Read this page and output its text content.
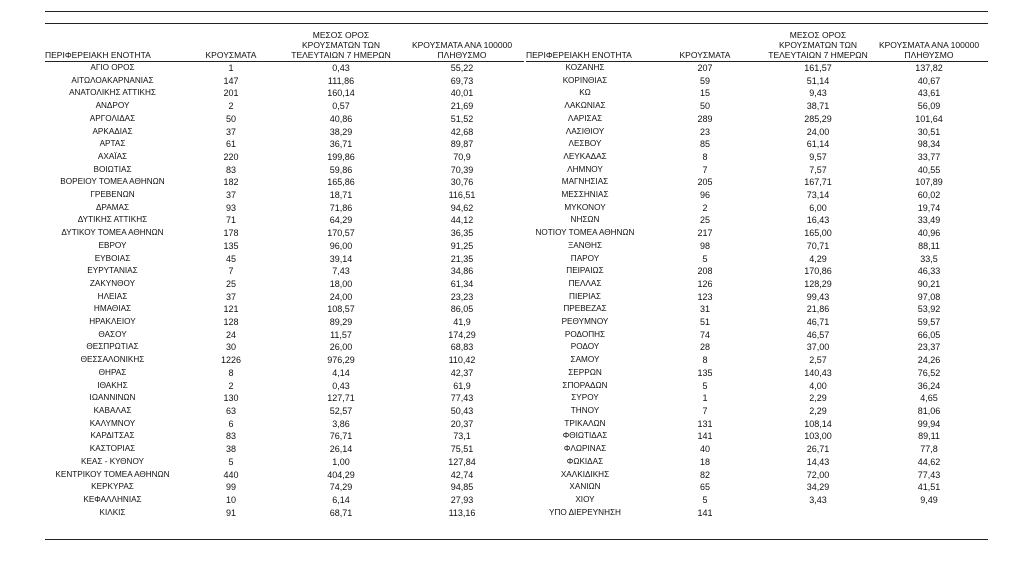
ΠΕΡΙΦΕΡΕΙΑΚΗ ΕΝΟΤΗΤΑ	ΚΡΟΥΣΜΑΤΑ	ΜΕΣΟΣ ΟΡΟΣ
ΚΡΟΥΣΜΑΤΩΝ ΤΩΝ
ΤΕΛΕΥΤΑΙΩΝ 7 ΗΜΕΡΩΝ	ΚΡΟΥΣΜΑΤΑ ΑΝΑ 100000
ΠΛΗΘΥΣΜΟ
ΑΓΙΟ ΟΡΟΣ	1	0,43	55,22
ΑΙΤΩΛΟΑΚΑΡΝΑΝΙΑΣ	147	111,86	69,73
ΑΝΑΤΟΛΙΚΗΣ ΑΤΤΙΚΗΣ	201	160,14	40,01
ΑΝΔΡΟΥ	2	0,57	21,69
ΑΡΓΟΛΙΔΑΣ	50	40,86	51,52
ΑΡΚΑΔΙΑΣ	37	38,29	42,68
ΑΡΤΑΣ	61	36,71	89,87
ΑΧΑΪΑΣ	220	199,86	70,9
ΒΟΙΩΤΙΑΣ	83	59,86	70,39
ΒΟΡΕΙΟΥ ΤΟΜΕΑ ΑΘΗΝΩΝ	182	165,86	30,76
ΓΡΕΒΕΝΩΝ	37	18,71	116,51
ΔΡΑΜΑΣ	93	71,86	94,62
ΔΥΤΙΚΗΣ ΑΤΤΙΚΗΣ	71	64,29	44,12
ΔΥΤΙΚΟΥ ΤΟΜΕΑ ΑΘΗΝΩΝ	178	170,57	36,35
ΕΒΡΟΥ	135	96,00	91,25
ΕΥΒΟΙΑΣ	45	39,14	21,35
ΕΥΡΥΤΑΝΙΑΣ	7	7,43	34,86
ΖΑΚΥΝΘΟΥ	25	18,00	61,34
ΗΛΕΙΑΣ	37	24,00	23,23
ΗΜΑΘΙΑΣ	121	108,57	86,05
ΗΡΑΚΛΕΙΟΥ	128	89,29	41,9
ΘΑΣΟΥ	24	11,57	174,29
ΘΕΣΠΡΩΤΙΑΣ	30	26,00	68,83
ΘΕΣΣΑΛΟΝΙΚΗΣ	1226	976,29	110,42
ΘΗΡΑΣ	8	4,14	42,37
ΙΘΑΚΗΣ	2	0,43	61,9
ΙΩΑΝΝΙΝΩΝ	130	127,71	77,43
ΚΑΒΑΛΑΣ	63	52,57	50,43
ΚΑΛΥΜΝΟΥ	6	3,86	20,37
ΚΑΡΔΙΤΣΑΣ	83	76,71	73,1
ΚΑΣΤΟΡΙΑΣ	38	26,14	75,51
ΚΕΑΣ - ΚΥΘΝΟΥ	5	1,00	127,84
ΚΕΝΤΡΙΚΟΥ ΤΟΜΕΑ ΑΘΗΝΩΝ	440	404,29	42,74
ΚΕΡΚΥΡΑΣ	99	74,29	94,85
ΚΕΦΑΛΛΗΝΙΑΣ	10	6,14	27,93
ΚΙΛΚΙΣ	91	68,71	113,16
ΠΕΡΙΦΕΡΕΙΑΚΗ ΕΝΟΤΗΤΑ	ΚΡΟΥΣΜΑΤΑ	ΜΕΣΟΣ ΟΡΟΣ
ΚΡΟΥΣΜΑΤΩΝ ΤΩΝ
ΤΕΛΕΥΤΑΙΩΝ 7 ΗΜΕΡΩΝ	ΚΡΟΥΣΜΑΤΑ ΑΝΑ 100000
ΠΛΗΘΥΣΜΟ
ΚΟΖΑΝΗΣ	207	161,57	137,82
ΚΟΡΙΝΘΙΑΣ	59	51,14	40,67
ΚΩ	15	9,43	43,61
ΛΑΚΩΝΙΑΣ	50	38,71	56,09
ΛΑΡΙΣΑΣ	289	285,29	101,64
ΛΑΣΙΘΙΟΥ	23	24,00	30,51
ΛΕΣΒΟΥ	85	61,14	98,34
ΛΕΥΚΑΔΑΣ	8	9,57	33,77
ΛΗΜΝΟΥ	7	7,57	40,55
ΜΑΓΝΗΣΙΑΣ	205	167,71	107,89
ΜΕΣΣΗΝΙΑΣ	96	73,14	60,02
ΜΥΚΟΝΟΥ	2	6,00	19,74
ΝΗΣΩΝ	25	16,43	33,49
ΝΟΤΙΟΥ ΤΟΜΕΑ ΑΘΗΝΩΝ	217	165,00	40,96
ΞΑΝΘΗΣ	98	70,71	88,11
ΠΑΡΟΥ	5	4,29	33,5
ΠΕΙΡΑΙΩΣ	208	170,86	46,33
ΠΕΛΛΑΣ	126	128,29	90,21
ΠΙΕΡΙΑΣ	123	99,43	97,08
ΠΡΕΒΕΖΑΣ	31	21,86	53,92
ΡΕΘΥΜΝΟΥ	51	46,71	59,57
ΡΟΔΟΠΗΣ	74	46,57	66,05
ΡΟΔΟΥ	28	37,00	23,37
ΣΑΜΟΥ	8	2,57	24,26
ΣΕΡΡΩΝ	135	140,43	76,52
ΣΠΟΡΑΔΩΝ	5	4,00	36,24
ΣΥΡΟΥ	1	2,29	4,65
ΤΗΝΟΥ	7	2,29	81,06
ΤΡΙΚΑΛΩΝ	131	108,14	99,94
ΦΘΙΩΤΙΔΑΣ	141	103,00	89,11
ΦΛΩΡΙΝΑΣ	40	26,71	77,8
ΦΩΚΙΔΑΣ	18	14,43	44,62
ΧΑΛΚΙΔΙΚΗΣ	82	72,00	77,43
ΧΑΝΙΩΝ	65	34,29	41,51
ΧΙΟΥ	5	3,43	9,49
ΥΠΟ ΔΙΕΡΕΥΝΗΣΗ	141		
